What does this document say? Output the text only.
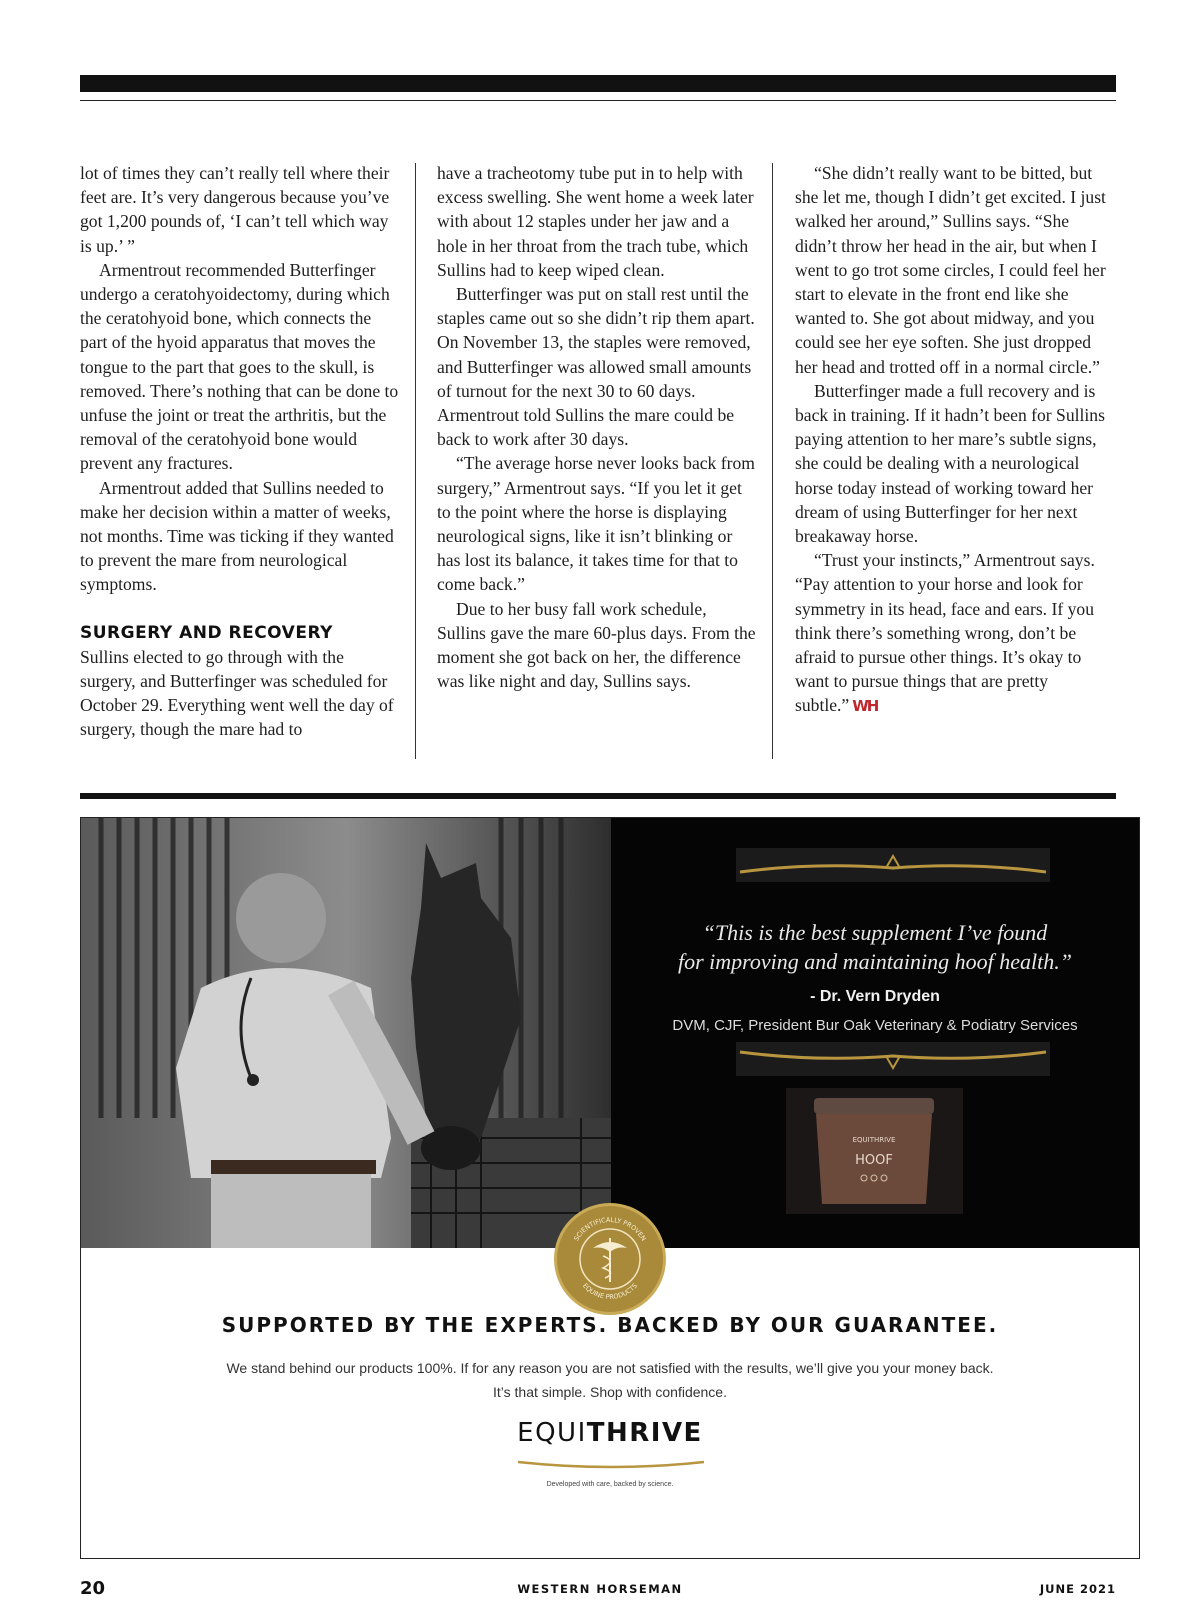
lot of times they can’t really tell where their feet are. It’s very dangerous because you’ve got 1,200 pounds of, ‘I can’t tell which way is up.’ ”

Armentrout recommended Butterfinger undergo a ceratohyoidectomy, during which the ceratohyoid bone, which connects the part of the hyoid apparatus that moves the tongue to the part that goes to the skull, is removed. There’s nothing that can be done to unfuse the joint or treat the arthritis, but the removal of the ceratohyoid bone would prevent any fractures.

Armentrout added that Sullins needed to make her decision within a matter of weeks, not months. Time was ticking if they wanted to prevent the mare from neurological symptoms.

SURGERY AND RECOVERY

Sullins elected to go through with the surgery, and Butterfinger was scheduled for October 29. Everything went well the day of surgery, though the mare had to

have a tracheotomy tube put in to help with excess swelling. She went home a week later with about 12 staples under her jaw and a hole in her throat from the trach tube, which Sullins had to keep wiped clean.

Butterfinger was put on stall rest until the staples came out so she didn’t rip them apart. On November 13, the staples were removed, and Butterfinger was allowed small amounts of turnout for the next 30 to 60 days. Armentrout told Sullins the mare could be back to work after 30 days.

“The average horse never looks back from surgery,” Armentrout says. “If you let it get to the point where the horse is displaying neurological signs, like it isn’t blinking or has lost its balance, it takes time for that to come back.”

Due to her busy fall work schedule, Sullins gave the mare 60-plus days. From the moment she got back on her, the difference was like night and day, Sullins says.

“She didn’t really want to be bitted, but she let me, though I didn’t get excited. I just walked her around,” Sullins says. “She didn’t throw her head in the air, but when I went to go trot some circles, I could feel her start to elevate in the front end like she wanted to. She got about midway, and you could see her eye soften. She just dropped her head and trotted off in a normal circle.”

Butterfinger made a full recovery and is back in training. If it hadn’t been for Sullins paying attention to her mare’s subtle signs, she could be dealing with a neurological horse today instead of working toward her dream of using Butterfinger for her next breakaway horse.

“Trust your instincts,” Armentrout says. “Pay attention to your horse and look for symmetry in its head, face and ears. If you think there’s something wrong, don’t be afraid to pursue other things. It’s okay to want to pursue things that are pretty subtle.” WH

“This is the best supplement I’ve found
for improving and maintaining hoof health.”
- Dr. Vern Dryden
DVM, CJF, President Bur Oak Veterinary & Podiatry Services
EQUITHRIVE
HOOF
SCIENTIFICALLY PROVEN
EQUINE PRODUCTS
SUPPORTED BY THE EXPERTS. BACKED BY OUR GUARANTEE.
We stand behind our products 100%. If for any reason you are not satisfied with the results, we’ll give you your money back.
It’s that simple. Shop with confidence.
EQUITHRIVE
Developed with care, backed by science.
20	WESTERN HORSEMAN	JUNE 2021
